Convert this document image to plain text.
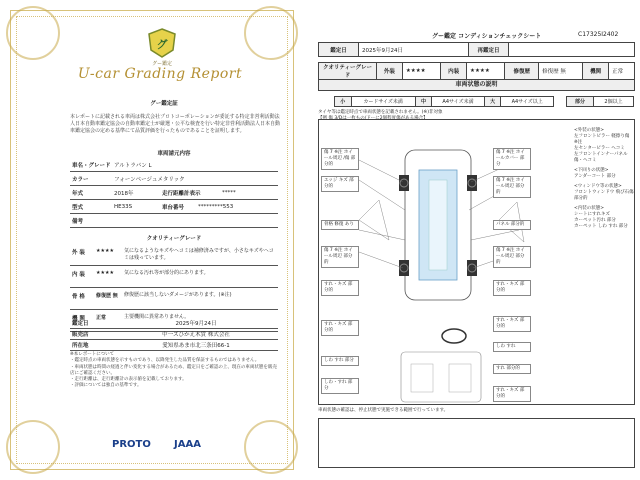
グ
グー鑑定
U-car Grading Report
グー鑑定証
本レポートに記載される車両は株式会社プロトコーポレーションが委託する特定非営利活動法人日本自動車鑑定協会の自動車鑑定士が厳選・公平な検査を行い特定非営利活動法人日本自動車鑑定協会の定める基準にて品質評価を行ったものであることを証明します。
車両請元内容
車名・グレード アルトラパン L
カラー	フォーンベージュメタリック
年式	2018年	走行距離計表示	*****
型式	HE33S	車台番号	*********553
備考
クオリティーグレード
外 装	★★★★	気になるようなキズやヘコミは補修済みですが、小さなキズやヘコミは残っています。
内 装	★★★★	気になる汚れ等が部分的にあります。
骨 格	修復歴 無	修復歴に該当しないダメージがあります。(※注)
機 関	正常	主要機関に異常ありません。
鑑定日	2025年9月24日
販売店	中一ズひかえ木賃 株式会社
所在地	愛知県あま市北三条田66-1
※本レポートについて
・鑑定時点の車両状態を示すものであり、以降発生した品質を保証するものではありません。
・車両状態は時間の経過と伴い変化する場合があるため、鑑定日をご確認の上、現在の車両状態を販売店にご確認ください。
・走行距離は、走行距離計の表示値を記載しております。
・評価については独自の基準です。
PROTO JAAA
グー鑑定 コンディションチェックシート	C17325I2402
鑑定日	2025年9月24日	再鑑定日	
クオリティーグレード	外装	★★★★	内装	★★★★	修復歴	修復歴 無	機関	正常
車両状態の説明
小	カードサイズ未満	中	A4サイズ未満	大	A4サイズ以上	部分	2個以上
タイヤ等は鑑定時点で車両状態を記載されません。(※)非対象
【例 傷 3/Dは一枚もの/ドーに2個程度傷がある場合】
傷 7 ※注 ホイール周辺 /傷 部分的
エッジ キズ 部分的
傷 7 ※注 ホイールカバー 部分
傷 7 ※注 ホイール周辺 部分的
骨格 修復 あり	パネル 部分的
傷 7 ※注 ホイール周辺 部分的
傷 7 ※注 ホイール周辺 部分的
すれ・キズ 部分的
すれ・キズ 部分的
しわ すれ 部分
しわ すれ
しわ・すれ 部分
すれ 部分的
すれ・キズ 部分的
すれ・キズ 部分的
すれ・キズ 部分的
<外装の状態>
左フロントピラー 軽擦り傷 ※注
左センターピラー ヘコミ
左フロントインナーパネル 傷・ヘコミ
<下回りの状態>
アンダーコート 部分
<ウィンドウ等の状態>
フロントウィンドウ 飛び石傷 部分的
<内装の状態>
シートにすれキズ
カーペット汚れ 部分
カーペット しわ すれ 部分
車両状態の確認は、停止状態で実施できる範囲で行っています。
